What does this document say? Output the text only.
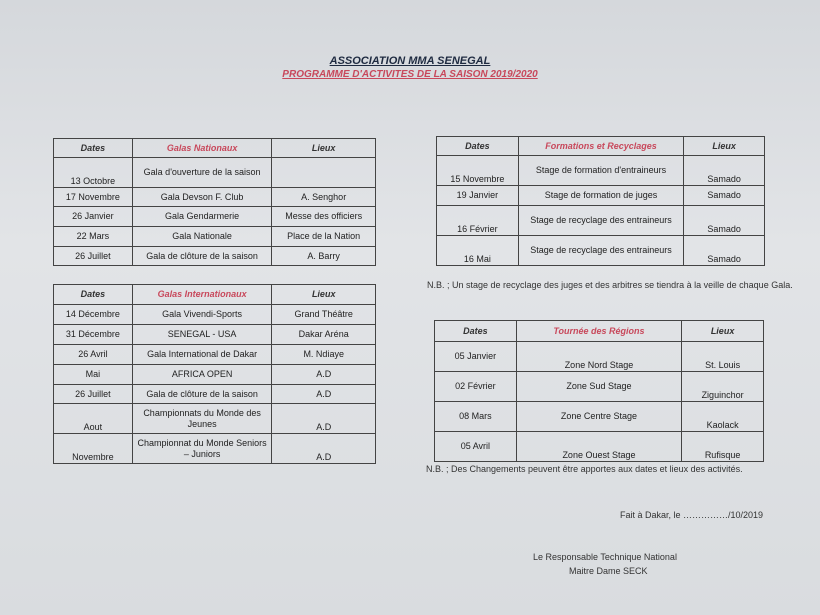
ASSOCIATION MMA SENEGAL
PROGRAMME D'ACTIVITES DE LA SAISON 2019/2020
Dates	Galas Nationaux	Lieux
13 Octobre	Gala d'ouverture de la saison	
17 Novembre	Gala Devson F. Club	A. Senghor
26 Janvier	Gala Gendarmerie	Messe des officiers
22 Mars	Gala Nationale	Place de la Nation
26 Juillet	Gala de clôture de la saison	A. Barry
Dates	Galas Internationaux	Lieux
14 Décembre	Gala Vivendi-Sports	Grand Théâtre
31 Décembre	SENEGAL - USA	Dakar Aréna
26 Avril	Gala International de Dakar	M. Ndiaye
Mai	AFRICA OPEN	A.D
26 Juillet	Gala de clôture de la saison	A.D
Aout	Championnats du Monde des Jeunes	A.D
Novembre	Championnat du Monde Seniors – Juniors	A.D
Dates	Formations et Recyclages	Lieux
15 Novembre	Stage de formation d'entraineurs	Samado
19 Janvier	Stage de formation de juges	Samado
16 Février	Stage de recyclage des entraineurs	Samado
16 Mai	Stage de recyclage des entraineurs	Samado
N.B. ; Un stage de recyclage des juges et des arbitres se tiendra à la veille de chaque Gala.
Dates	Tournée des Régions	Lieux
05 Janvier	Zone Nord Stage	St. Louis
02 Février	Zone Sud Stage	Ziguinchor
08 Mars	Zone Centre Stage	Kaolack
05 Avril	Zone Ouest Stage	Rufisque
N.B. ; Des Changements peuvent être apportes aux dates et lieux des activités.
Fait à Dakar, le ……………/10/2019
Le Responsable Technique National
Maitre Dame SECK
